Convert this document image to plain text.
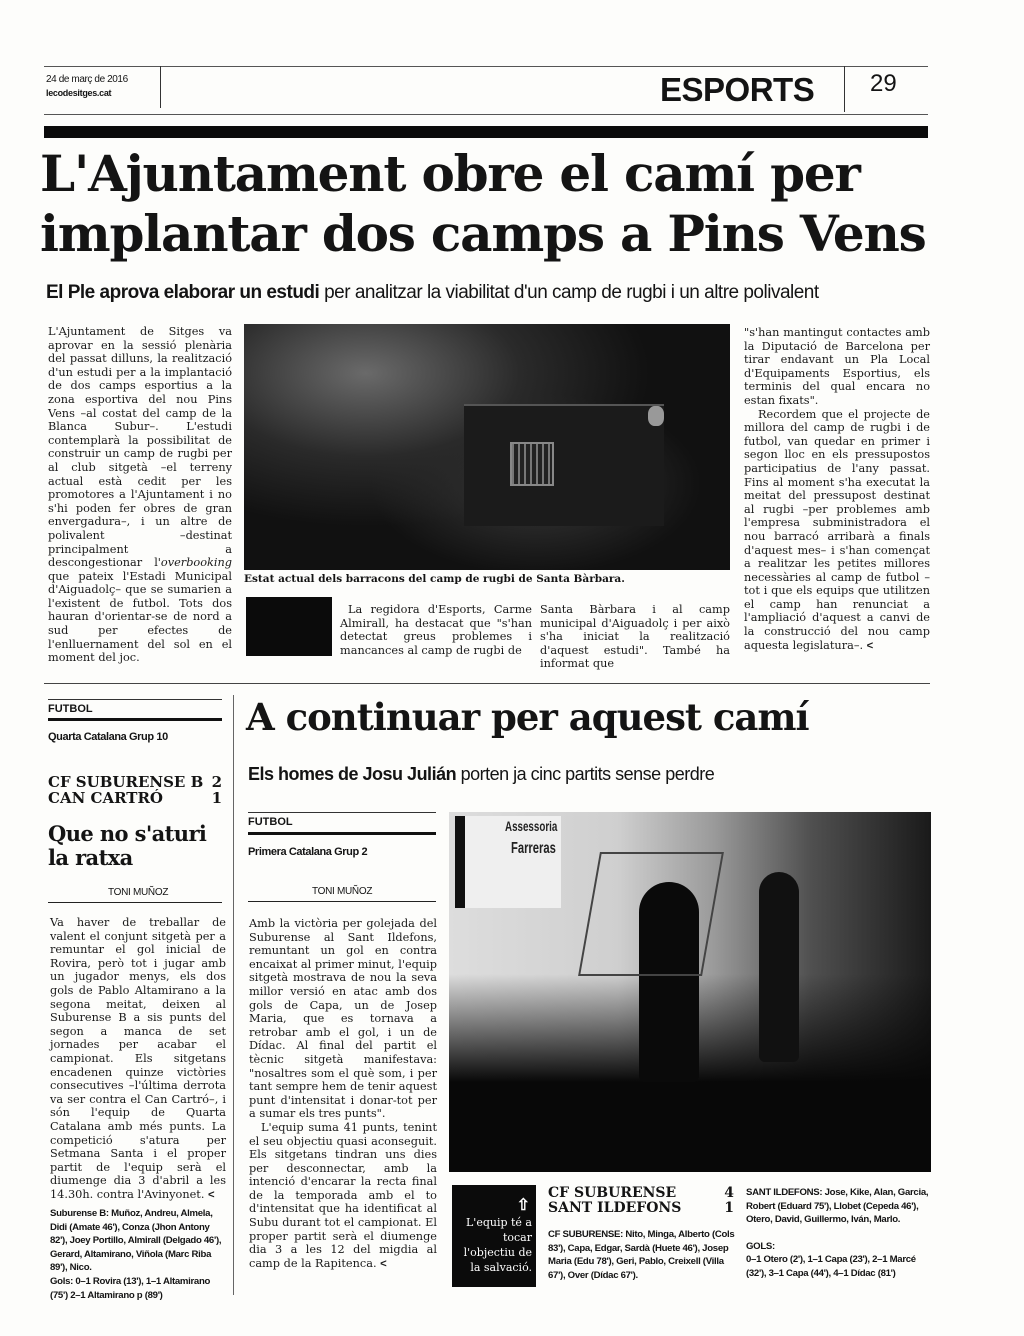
24 de març de 2016
lecodesitges.cat	ESPORTS 29
L'Ajuntament obre el camí per
implantar dos camps a Pins Vens
El Ple aprova elaborar un estudi per analitzar la viabilitat d'un camp de rugbi i un altre polivalent
L'Ajuntament de Sitges va aprovar en la sessió plenària del passat dilluns, la realització d'un estudi per a la implantació de dos camps esportius a la zona esportiva del nou Pins Vens –al costat del camp de la Blanca Subur–. L'estudi contemplarà la possibilitat de construir un camp de rugbi per al club sitgetà –el terreny actual està cedit per les promotores a l'Ajuntament i no s'hi poden fer obres de gran envergadura–, i un altre de polivalent –destinat principalment a descongestionar l'overbooking que pateix l'Estadi Municipal d'Aiguadolç– que se sumarien a l'existent de futbol. Tots dos hauran d'orientar-se de nord a sud per efectes de l'enlluernament del sol en el moment del joc.
Estat actual dels barracons del camp de rugbi de Santa Bàrbara.
La regidora d'Esports, Carme Almirall, ha destacat que "s'han detectat greus problemes i mancances al camp de rugbi de
Santa Bàrbara i al camp municipal d'Aiguadolç i per això s'ha iniciat la realització d'aquest estudi". També ha informat que
"s'han mantingut contactes amb la Diputació de Barcelona per tirar endavant un Pla Local d'Equipaments Esportius, els terminis del qual encara no estan fixats".
Recordem que el projecte de millora del camp de rugbi i de futbol, van quedar en primer i segon lloc en els pressupostos participatius de l'any passat. Fins al moment s'ha executat la meitat del pressupost destinat al rugbi –per problemes amb l'empresa subministradora el nou barracó arribarà a finals d'aquest mes– i s'han començat a realitzar les petites millores necessàries al camp de futbol –tot i que els equips que utilitzen el camp han renunciat a l'ampliació d'aquest a canvi de la construcció del nou camp aquesta legislatura–. <
FUTBOL
Quarta Catalana Grup 10
CF SUBURENSE B 2
CAN CARTRÓ	1
Que no s'aturi
la ratxa
TONI MUÑOZ
Va haver de treballar de valent el conjunt sitgetà per a remuntar el gol inicial de Rovira, però tot i jugar amb un jugador menys, els dos gols de Pablo Altamirano a la segona meitat, deixen al Suburense B a sis punts del segon a manca de set jornades per acabar el campionat. Els sitgetans encadenen quinze victòries consecutives –l'última derrota va ser contra el Can Cartró–, i són l'equip de Quarta Catalana amb més punts. La competició s'atura per Setmana Santa i el proper partit de l'equip serà el diumenge dia 3 d'abril a les 14.30h. contra l'Avinyonet. <
Suburense B: Muñoz, Andreu, Almela, Didi (Amate 46'), Conza (Jhon Antony 82'), Joey Portillo, Almirall (Delgado 46'), Gerard, Altamirano, Viñola (Marc Riba 89'), Nico.
Gols: 0–1 Rovira (13'), 1–1 Altamirano (75') 2–1 Altamirano p (89')
A continuar per aquest camí
Els homes de Josu Julián porten ja cinc partits sense perdre
FUTBOL
Primera Catalana Grup 2
TONI MUÑOZ
Amb la victòria per golejada del Suburense al Sant Ildefons, remuntant un gol en contra encaixat al primer minut, l'equip sitgetà mostrava de nou la seva millor versió en atac amb dos gols de Capa, un de Josep Maria, que es tornava a retrobar amb el gol, i un de Dídac. Al final del partit el tècnic sitgetà manifestava: "nosaltres som el què som, i per tant sempre hem de tenir aquest punt d'intensitat i donar-tot per a sumar els tres punts".
L'equip suma 41 punts, tenint el seu objectiu quasi aconseguit. Els sitgetans tindran uns dies per desconnectar, amb la intenció d'encarar la recta final de la temporada amb el to d'intensitat que ha identificat al Subu durant tot el campionat. El proper partit serà el diumenge dia 3 a les 12 del migdia al camp de la Rapitenca. <
Assessoria
Farreras
⇧
L'equip té a tocar l'objectiu de la salvació.
CF SUBURENSE	4
SANT ILDEFONS	1
CF SUBURENSE: Nito, Minga, Alberto (Cols 83'), Capa, Edgar, Sardà (Huete 46'), Josep Maria (Edu 78'), Geri, Pablo, Creixell (Villa 67'), Over (Dídac 67').
SANT ILDEFONS: Jose, Kike, Alan, Garcia, Robert (Eduard 75'), Llobet (Cepeda 46'), Otero, David, Guillermo, Iván, Marlo.
GOLS:
0–1 Otero (2'), 1–1 Capa (23'), 2–1 Marcé (32'), 3–1 Capa (44'), 4–1 Dídac (81')
